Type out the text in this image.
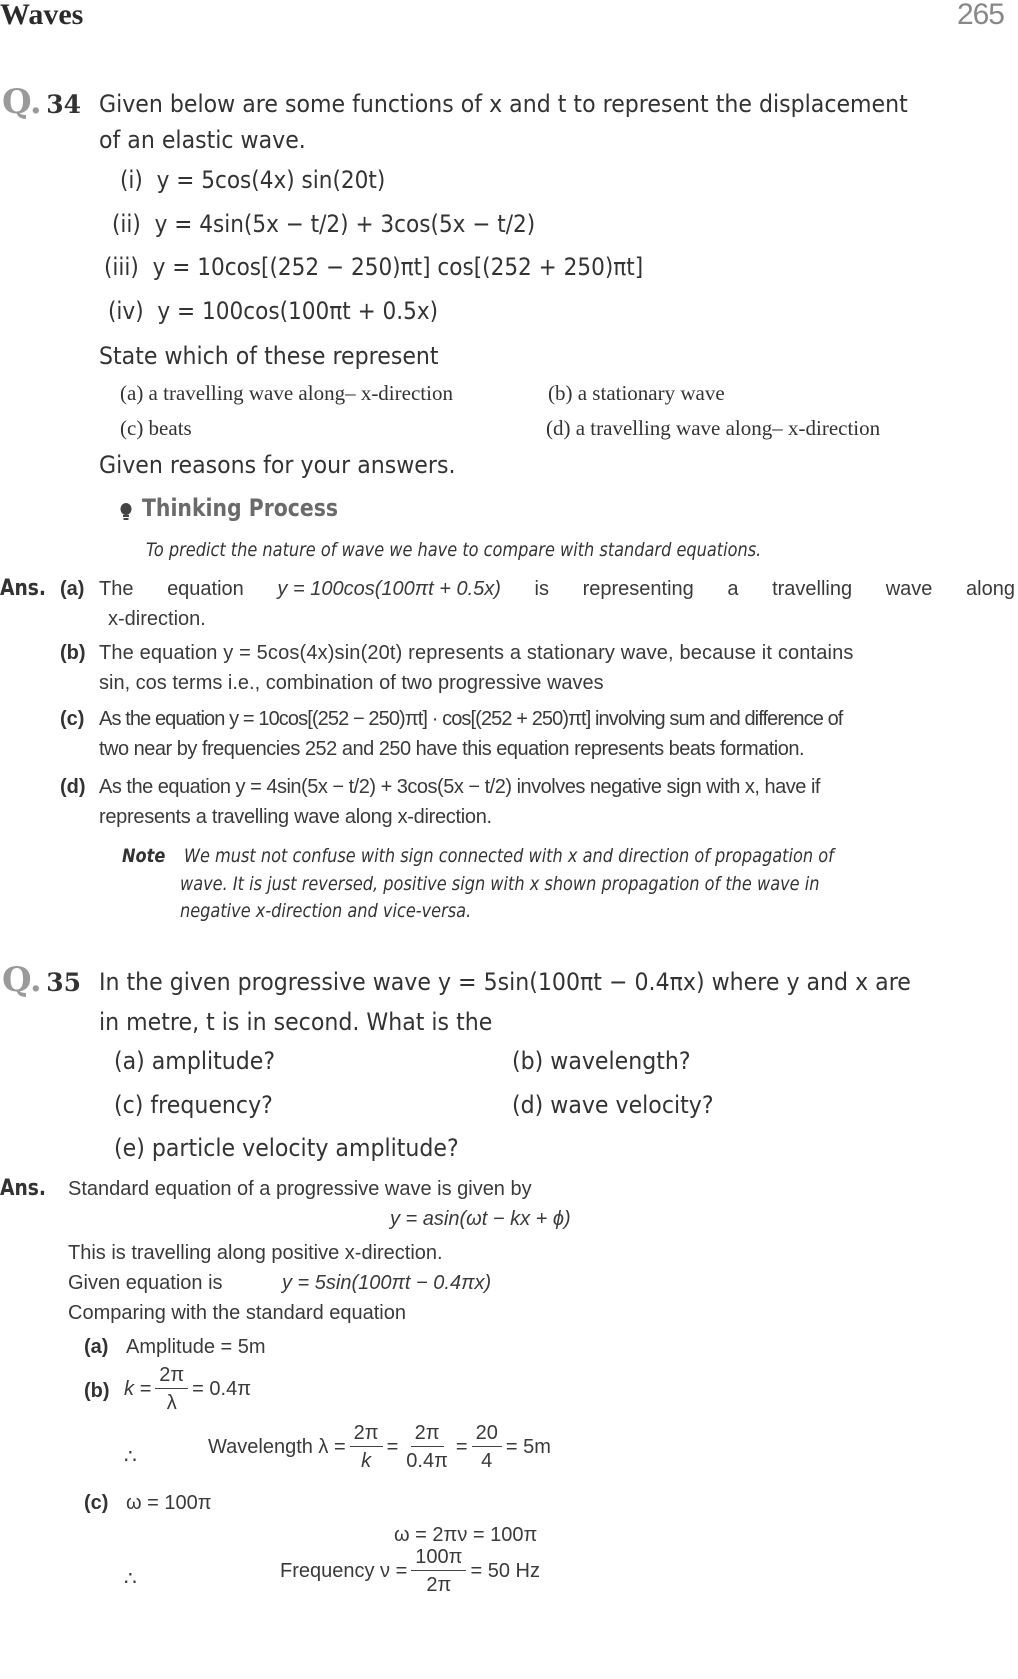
Waves	265
Q. 34 Given below are some functions of x and t to represent the displacement
of an elastic wave.
(i) y = 5cos(4x) sin(20t)
(ii) y = 4sin(5x − t/2) + 3cos(5x − t/2)
(iii) y = 10cos[(252 − 250)πt] cos[(252 + 250)πt]
(iv) y = 100cos(100πt + 0.5x)
State which of these represent
(a) a travelling wave along– x-direction	(b) a stationary wave
(c) beats	(d) a travelling wave along– x-direction
Given reasons for your answers.
Thinking Process
To predict the nature of wave we have to compare with standard equations.
Ans. (a) The equation y = 100cos(100πt + 0.5x) is representing a travelling wave along
x-direction.
(b) The equation y = 5cos(4x)sin(20t) represents a stationary wave, because it contains
sin, cos terms i.e., combination of two progressive waves
(c) As the equation y = 10cos[(252 − 250)πt] · cos[(252 + 250)πt] involving sum and difference of
two near by frequencies 252 and 250 have this equation represents beats formation.
(d) As the equation y = 4sin(5x − t/2) + 3cos(5x − t/2) involves negative sign with x, have if
represents a travelling wave along x-direction.
Note We must not confuse with sign connected with x and direction of propagation of
wave. It is just reversed, positive sign with x shown propagation of the wave in
negative x-direction and vice-versa.
Q. 35 In the given progressive wave y = 5sin(100πt − 0.4πx) where y and x are
in metre, t is in second. What is the
(a) amplitude?	(b) wavelength?
(c) frequency?	(d) wave velocity?
(e) particle velocity amplitude?
Ans. Standard equation of a progressive wave is given by
y = asin(ωt − kx + ϕ)
This is travelling along positive x-direction.
Given equation is	y = 5sin(100πt − 0.4πx)
Comparing with the standard equation
(a) Amplitude = 5m
(b) $k = \frac{2\pi}{\lambda} = 0.4\pi$
∴	Wavelength $\lambda = \frac{2\pi}{k} = \frac{2\pi}{0.4\pi} = \frac{20}{4} = 5m$
(c) ω = 100π
ω = 2πν = 100π
∴	Frequency $\nu = \frac{100\pi}{2\pi} = 50$ Hz
